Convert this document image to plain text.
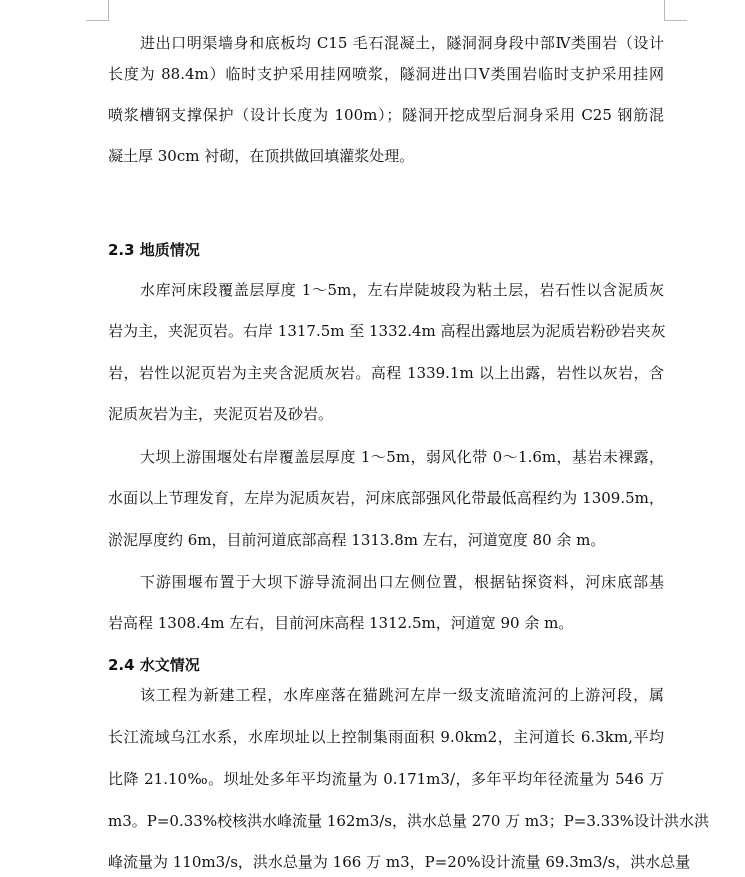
进出口明渠墙身和底板均 C15 毛石混凝土，隧洞洞身段中部Ⅳ类围岩（设计
长度为 88.4m）临时支护采用挂网喷浆，隧洞进出口Ⅴ类围岩临时支护采用挂网
喷浆槽钢支撑保护（设计长度为 100m）；隧洞开挖成型后洞身采用 C25 钢筋混
凝土厚 30cm 衬砌，在顶拱做回填灌浆处理。
2.3 地质情况
水库河床段覆盖层厚度 1～5m，左右岸陡坡段为粘土层，岩石性以含泥质灰
岩为主，夹泥页岩。右岸 1317.5m 至 1332.4m 高程出露地层为泥质岩粉砂岩夹灰
岩，岩性以泥页岩为主夹含泥质灰岩。高程 1339.1m 以上出露，岩性以灰岩，含
泥质灰岩为主，夹泥页岩及砂岩。
大坝上游围堰处右岸覆盖层厚度 1～5m，弱风化带 0～1.6m，基岩未裸露，
水面以上节理发育，左岸为泥质灰岩，河床底部强风化带最低高程约为 1309.5m，
淤泥厚度约 6m，目前河道底部高程 1313.8m 左右，河道宽度 80 余 m。
下游围堰布置于大坝下游导流洞出口左侧位置，根据钻探资料，河床底部基
岩高程 1308.4m 左右，目前河床高程 1312.5m，河道宽 90 余 m。
2.4 水文情况
该工程为新建工程，水库座落在猫跳河左岸一级支流暗流河的上游河段，属
长江流域乌江水系，水库坝址以上控制集雨面积 9.0km2，主河道长 6.3km,平均
比降 21.10‰。坝址处多年平均流量为 0.171m3/，多年平均年径流量为 546 万
m3。P=0.33%校核洪水峰流量 162m3/s，洪水总量 270 万 m3；P=3.33%设计洪水洪
峰流量为 110m3/s，洪水总量为 166 万 m3，P=20%设计流量 69.3m3/s，洪水总量
